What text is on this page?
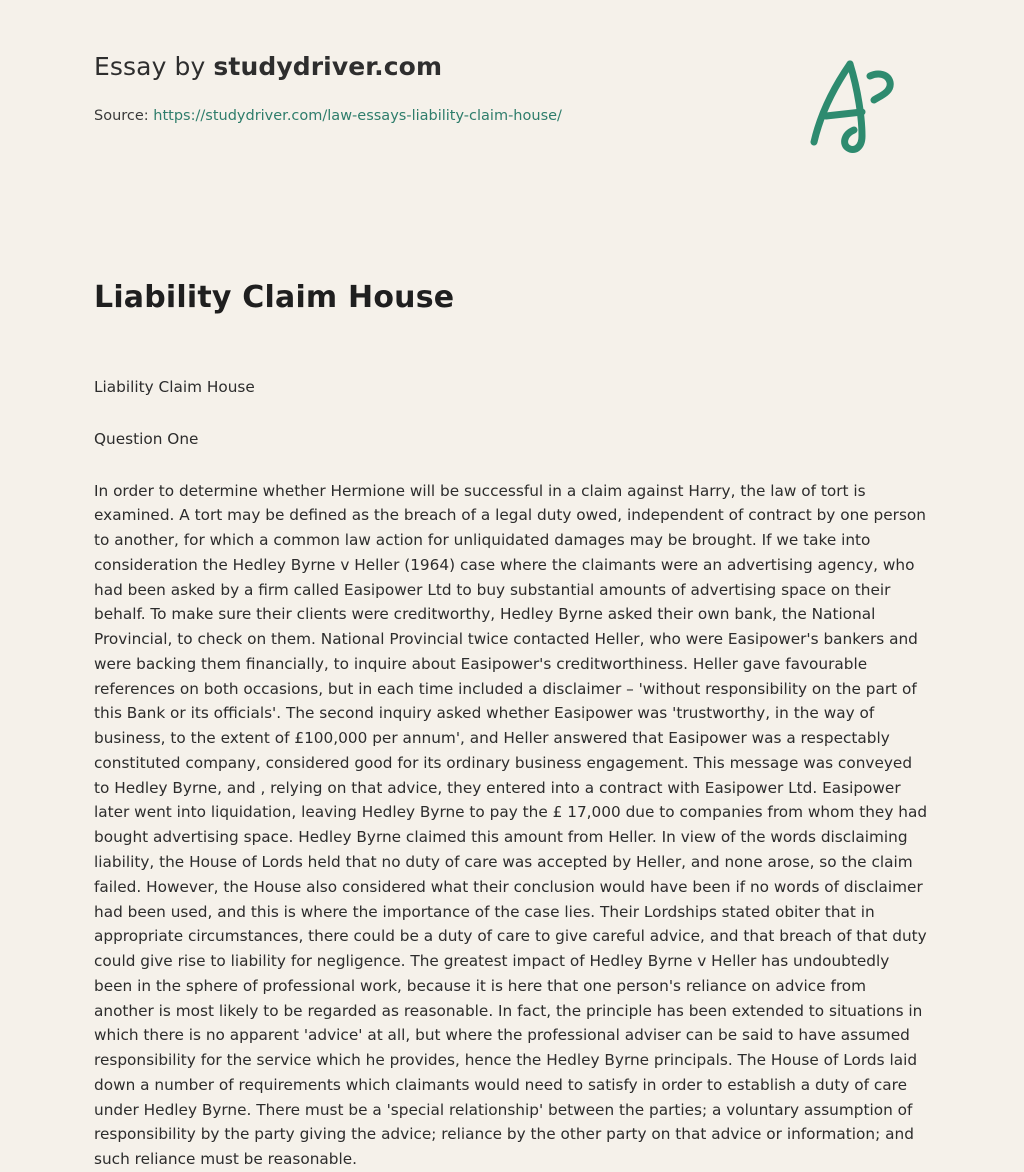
Essay by studydriver.com
Source: https://studydriver.com/law-essays-liability-claim-house/
Liability Claim House

Liability Claim House

Question One

In order to determine whether Hermione will be successful in a claim against Harry, the law of tort is examined. A tort may be defined as the breach of a legal duty owed, independent of contract by one person to another, for which a common law action for unliquidated damages may be brought. If we take into consideration the Hedley Byrne v Heller (1964) case where the claimants were an advertising agency, who had been asked by a firm called Easipower Ltd to buy substantial amounts of advertising space on their behalf. To make sure their clients were creditworthy, Hedley Byrne asked their own bank, the National Provincial, to check on them. National Provincial twice contacted Heller, who were Easipower's bankers and were backing them financially, to inquire about Easipower's creditworthiness. Heller gave favourable references on both occasions, but in each time included a disclaimer – 'without responsibility on the part of this Bank or its officials'. The second inquiry asked whether Easipower was 'trustworthy, in the way of business, to the extent of £100,000 per annum', and Heller answered that Easipower was a respectably constituted company, considered good for its ordinary business engagement. This message was conveyed to Hedley Byrne, and , relying on that advice, they entered into a contract with Easipower Ltd. Easipower later went into liquidation, leaving Hedley Byrne to pay the £ 17,000 due to companies from whom they had bought advertising space. Hedley Byrne claimed this amount from Heller. In view of the words disclaiming liability, the House of Lords held that no duty of care was accepted by Heller, and none arose, so the claim failed. However, the House also considered what their conclusion would have been if no words of disclaimer had been used, and this is where the importance of the case lies. Their Lordships stated obiter that in appropriate circumstances, there could be a duty of care to give careful advice, and that breach of that duty could give rise to liability for negligence. The greatest impact of Hedley Byrne v Heller has undoubtedly been in the sphere of professional work, because it is here that one person's reliance on advice from another is most likely to be regarded as reasonable. In fact, the principle has been extended to situations in which there is no apparent 'advice' at all, but where the professional adviser can be said to have assumed responsibility for the service which he provides, hence the Hedley Byrne principals. The House of Lords laid down a number of requirements which claimants would need to satisfy in order to establish a duty of care under Hedley Byrne. There must be a 'special relationship' between the parties; a voluntary assumption of responsibility by the party giving the advice; reliance by the other party on that advice or information; and such reliance must be reasonable.
